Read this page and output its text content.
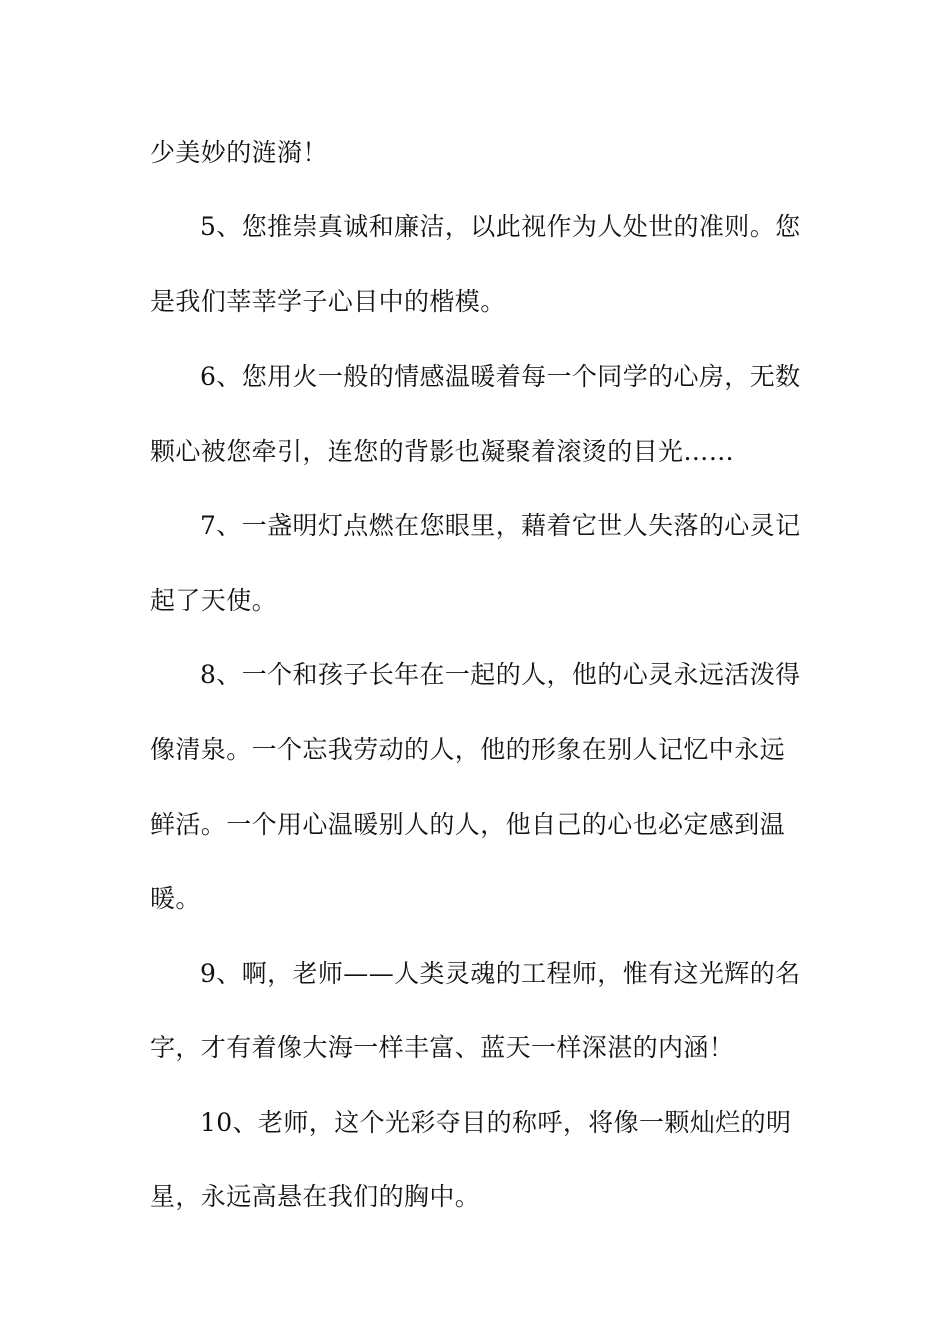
少美妙的涟漪！
5、您推崇真诚和廉洁，以此视作为人处世的准则。您
是我们莘莘学子心目中的楷模。
6、您用火一般的情感温暖着每一个同学的心房，无数
颗心被您牵引，连您的背影也凝聚着滚烫的目光……
7、一盏明灯点燃在您眼里，藉着它世人失落的心灵记
起了天使。
8、一个和孩子长年在一起的人，他的心灵永远活泼得
像清泉。一个忘我劳动的人，他的形象在别人记忆中永远
鲜活。一个用心温暖别人的人，他自己的心也必定感到温
暖。
9、啊，老师——人类灵魂的工程师，惟有这光辉的名
字，才有着像大海一样丰富、蓝天一样深湛的内涵！
10、老师，这个光彩夺目的称呼，将像一颗灿烂的明
星，永远高悬在我们的胸中。
